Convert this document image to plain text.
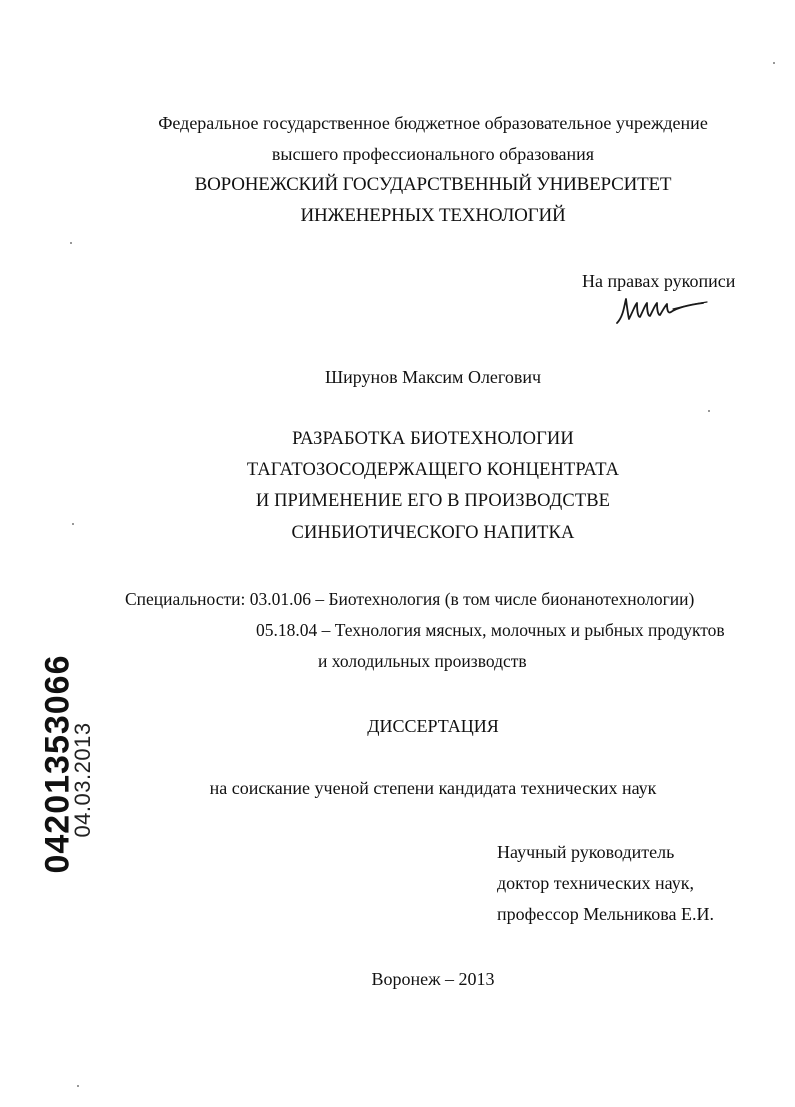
Федеральное государственное бюджетное образовательное учреждение
высшего профессионального образования
ВОРОНЕЖСКИЙ ГОСУДАРСТВЕННЫЙ УНИВЕРСИТЕТ
ИНЖЕНЕРНЫХ ТЕХНОЛОГИЙ
На правах рукописи
Ширунов Максим Олегович
РАЗРАБОТКА БИОТЕХНОЛОГИИ
ТАГАТОЗОСОДЕРЖАЩЕГО КОНЦЕНТРАТА
И ПРИМЕНЕНИЕ ЕГО В ПРОИЗВОДСТВЕ
СИНБИОТИЧЕСКОГО НАПИТКА
Специальности: 03.01.06 – Биотехнология (в том числе бионанотехнологии)
05.18.04 – Технология мясных, молочных и рыбных продуктов
и холодильных производств
ДИССЕРТАЦИЯ
на соискание ученой степени кандидата технических наук
Научный руководитель
доктор технических наук,
профессор Мельникова Е.И.
Воронеж – 2013
04201353066
04.03.2013
